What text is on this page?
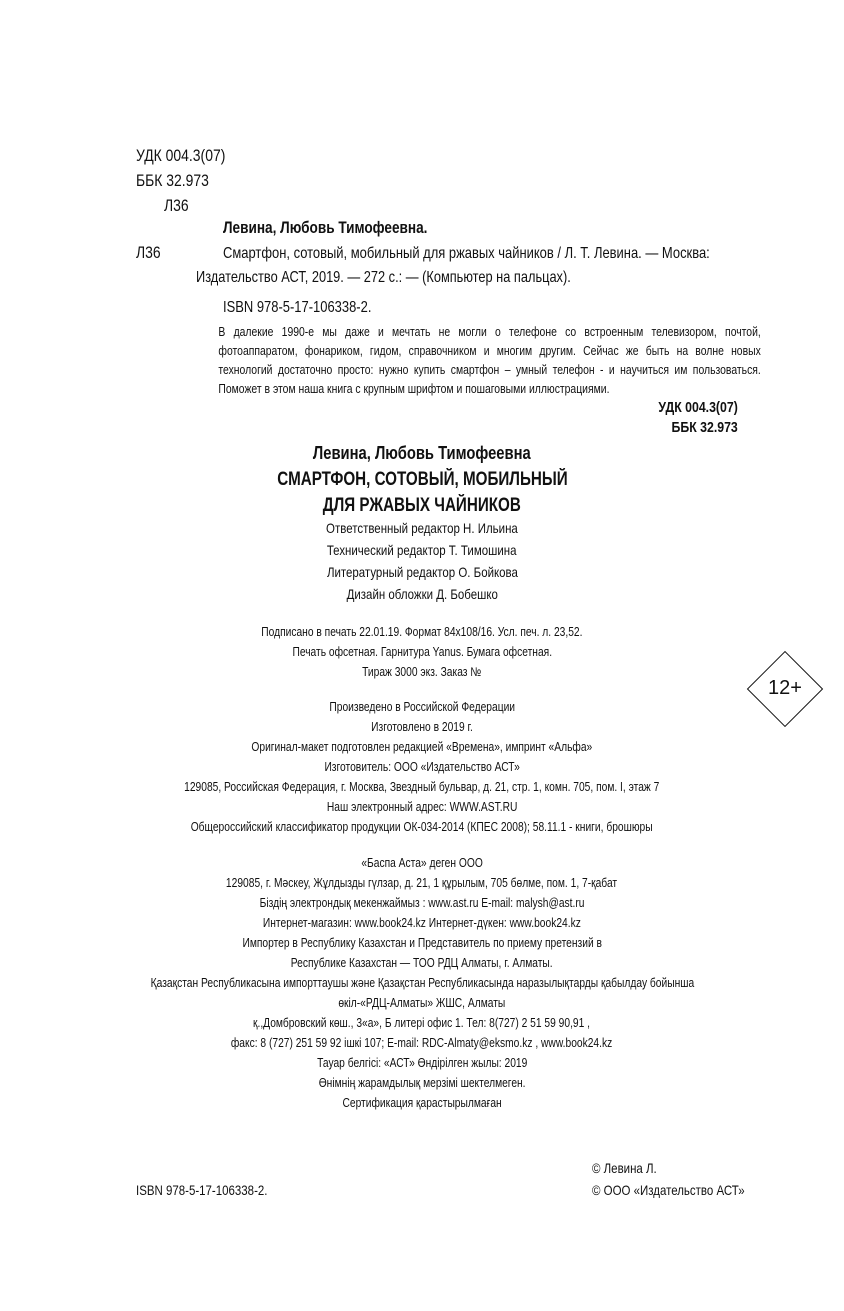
УДК 004.3(07)
ББК 32.973
Л36
Левина, Любовь Тимофеевна.
Л36	Смартфон, сотовый, мобильный для ржавых чайников / Л. Т. Левина. — Москва:
Издательство АСТ, 2019. — 272 с.: — (Компьютер на пальцах).
ISBN 978-5-17-106338-2.
В далекие 1990-е мы даже и мечтать не могли о телефоне со встроенным телевизором, почтой, фотоаппаратом, фонариком, гидом, справочником и многим другим. Сейчас же быть на волне новых технологий достаточно просто: нужно купить смартфон – умный телефон - и научиться им пользоваться. Поможет в этом наша книга с крупным шрифтом и пошаговыми иллюстрациями.
УДК 004.3(07)
ББК 32.973
Левина, Любовь Тимофеевна
СМАРТФОН, СОТОВЫЙ, МОБИЛЬНЫЙ
ДЛЯ РЖАВЫХ ЧАЙНИКОВ
Ответственный редактор Н. Ильина
Технический редактор Т. Тимошина
Литературный редактор О. Бойкова
Дизайн обложки Д. Бобешко
Подписано в печать 22.01.19. Формат 84x108/16. Усл. печ. л. 23,52.
Печать офсетная. Гарнитура Yanus. Бумага офсетная.
Тираж 3000 экз. Заказ №
12+
Произведено в Российской Федерации
Изготовлено в 2019 г.
Оригинал-макет подготовлен редакцией «Времена», импринт «Альфа»
Изготовитель: ООО «Издательство АСТ»
129085, Российская Федерация, г. Москва, Звездный бульвар, д. 21, стр. 1, комн. 705, пом. I, этаж 7
Наш электронный адрес: WWW.AST.RU
Общероссийский классификатор продукции ОК-034-2014 (КПЕС 2008); 58.11.1 - книги, брошюры
«Баспа Аста» деген ООО
129085, г. Мәскеу, Жұлдызды гүлзар, д. 21, 1 құрылым, 705 бөлме, пом. 1, 7-қабат
Біздің электрондық мекенжаймыз : www.ast.ru E-mail: malysh@ast.ru
Интернет-магазин: www.book24.kz Интернет-дүкен: www.book24.kz
Импортер в Республику Казахстан и Представитель по приему претензий в
Республике Казахстан — ТОО РДЦ Алматы, г. Алматы.
Қазақстан Республикасына импорттаушы және Қазақстан Республикасында наразылықтарды қабылдау бойынша
өкіл-«РДЦ-Алматы» ЖШС, Алматы
қ.,Домбровский көш., 3«а», Б литерi офис 1. Тел: 8(727) 2 51 59 90,91 ,
факс: 8 (727) 251 59 92 iшкi 107; E-mail: RDC-Almaty@eksmo.kz , www.book24.kz
Тауар белгісі: «АСТ» Өндірілген жылы: 2019
Өнімнің жарамдылық мерзімі шектелмеген.
Сертификация қарастырылмаған
ISBN 978-5-17-106338-2.
© Левина Л.
© ООО «Издательство АСТ»
